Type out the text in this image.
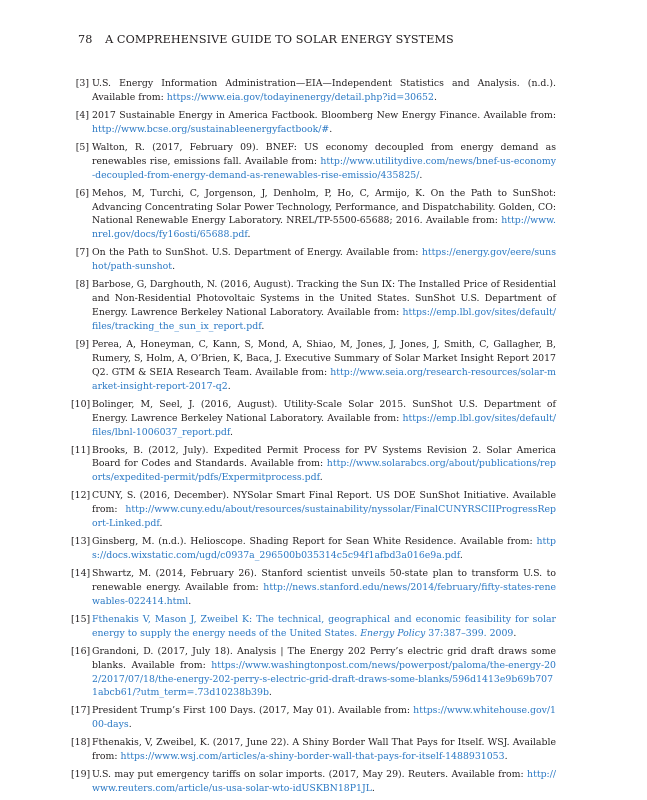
78 A COMPREHENSIVE GUIDE TO SOLAR ENERGY SYSTEMS
[3] U.S. Energy Information Administration—EIA—Independent Statistics and Analysis. (n.d.). Available from: https://www.eia.gov/todayinenergy/detail.php?id=30652.
[4] 2017 Sustainable Energy in America Factbook. Bloomberg New Energy Finance. Available from: http://www.bcse.org/sustainableenergyfactbook/#.
[5] Walton, R. (2017, February 09). BNEF: US economy decoupled from energy demand as renewables rise, emissions fall. Available from: http://www.utilitydive.com/news/bnef-us-economy-decoupled-from-energy-demand-as-renewables-rise-emissio/435825/.
[6] Mehos, M, Turchi, C, Jorgenson, J, Denholm, P, Ho, C, Armijo, K. On the Path to SunShot: Advancing Concentrating Solar Power Technology, Performance, and Dispatchability. Golden, CO: National Renewable Energy Laboratory. NREL/TP-5500-65688; 2016. Available from: http://www.nrel.gov/docs/fy16osti/65688.pdf.
[7] On the Path to SunShot. U.S. Department of Energy. Available from: https://energy.gov/eere/sunshot/path-sunshot.
[8] Barbose, G, Darghouth, N. (2016, August). Tracking the Sun IX: The Installed Price of Residential and Non-Residential Photovoltaic Systems in the United States. SunShot U.S. Department of Energy. Lawrence Berkeley National Laboratory. Available from: https://emp.lbl.gov/sites/default/files/tracking_the_sun_ix_report.pdf.
[9] Perea, A, Honeyman, C, Kann, S, Mond, A, Shiao, M, Jones, J, Jones, J, Smith, C, Gallagher, B, Rumery, S, Holm, A, O’Brien, K, Baca, J. Executive Summary of Solar Market Insight Report 2017 Q2. GTM & SEIA Research Team. Available from: http://www.seia.org/research-resources/solar-market-insight-report-2017-q2.
[10] Bolinger, M, Seel, J. (2016, August). Utility-Scale Solar 2015. SunShot U.S. Department of Energy. Lawrence Berkeley National Laboratory. Available from: https://emp.lbl.gov/sites/default/files/lbnl-1006037_report.pdf.
[11] Brooks, B. (2012, July). Expedited Permit Process for PV Systems Revision 2. Solar America Board for Codes and Standards. Available from: http://www.solarabcs.org/about/publications/reports/expedited-permit/pdfs/Expermitprocess.pdf.
[12] CUNY, S. (2016, December). NYSolar Smart Final Report. US DOE SunShot Initiative. Available from: http://www.cuny.edu/about/resources/sustainability/nyssolar/FinalCUNYRSCIIProgressReport-Linked.pdf.
[13] Ginsberg, M. (n.d.). Helioscope. Shading Report for Sean White Residence. Available from: https://docs.wixstatic.com/ugd/c0937a_296500b035314c5c94f1afbd3a016e9a.pdf.
[14] Shwartz, M. (2014, February 26). Stanford scientist unveils 50-state plan to transform U.S. to renewable energy. Available from: http://news.stanford.edu/news/2014/february/fifty-states-renewables-022414.html.
[15] Fthenakis V, Mason J, Zweibel K: The technical, geographical and economic feasibility for solar energy to supply the energy needs of the United States. Energy Policy 37:387–399. 2009.
[16] Grandoni, D. (2017, July 18). Analysis | The Energy 202 Perry’s electric grid draft draws some blanks. Available from: https://www.washingtonpost.com/news/powerpost/paloma/the-energy-202/2017/07/18/the-energy-202-perry-s-electric-grid-draft-draws-some-blanks/596d1413e9b69b7071abcb61/?utm_term=.73d10238b39b.
[17] President Trump’s First 100 Days. (2017, May 01). Available from: https://www.whitehouse.gov/100-days.
[18] Fthenakis, V, Zweibel, K. (2017, June 22). A Shiny Border Wall That Pays for Itself. WSJ. Available from: https://www.wsj.com/articles/a-shiny-border-wall-that-pays-for-itself-1488931053.
[19] U.S. may put emergency tariffs on solar imports. (2017, May 29). Reuters. Available from: http://www.reuters.com/article/us-usa-solar-wto-idUSKBN18P1JL.
